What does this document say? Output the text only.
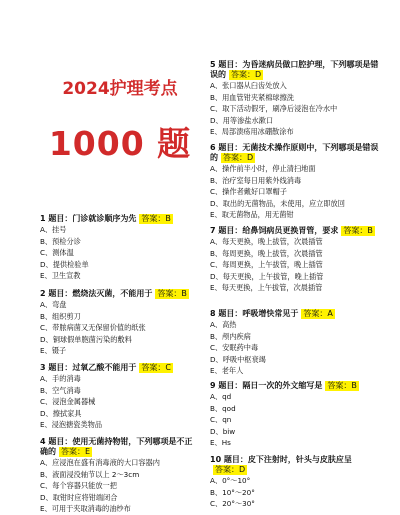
2024护理考点
1000 题
1 题目：门诊就诊顺序为先 答案：B
A、挂号
B、预检分诊
C、测体温
D、提供检验单
E、卫生宣教
2 题目：燃烧法灭菌，不能用于 答案：B
A、弯盘
B、组织剪刀
C、带脓病菌又无保留价值的纸张
D、铜球假单胞菌污染的敷料
E、镊子
3 题目：过氧乙酸不能用于 答案：C
A、手的消毒
B、空气消毒
C、浸泡金属器械
D、擦拭家具
E、浸泡搪瓷类物品
4 题目：使用无菌持物钳，下列哪项是不正确的 答案：E
A、应浸泡在盛有消毒液的大口容器内
B、液面浸没轴节以上 2～3cm
C、每个容器只能放一把
D、取钳时应将钳端闭合
E、可用于夹取消毒的油纱布
5 题目：为昏迷病员做口腔护理，下列哪项是错误的 答案：D
A、张口器从臼齿处放入
B、用血管钳夹紧棉球擦洗
C、取下活动假牙，刷净后浸泡在冷水中
D、用等渗盐水漱口
E、局部溃疡用冰硼散涂布
6 题目：无菌技术操作原则中，下列哪项是错误的 答案：D
A、操作前半小时，停止清扫地面
B、治疗室每日用紫外线消毒
C、操作者戴好口罩帽子
D、取出的无菌物品，未使用，应立即放回
E、取无菌物品，用无菌钳
7 题目：给鼻饲病员更换胃管，要求 答案：B
A、每天更换，晚上拔管，次晨插管
B、每周更换，晚上拔管，次晨插管
C、每周更换，上午拔管，晚上插管
D、每天更换，上午拔管，晚上插管
E、每天更换，上午拔管，次晨插管
8 题目：呼吸增快常见于 答案：A
A、高热
B、颅内疾病
C、安眠药中毒
D、呼吸中枢衰竭
E、老年人
9 题目：隔日一次的外文缩写是 答案：B
A、qd
B、qod
C、qn
D、biw
E、Hs
10 题目：皮下注射时，针头与皮肤应呈答案：D
A、0°～10°
B、10°～20°
C、20°～30°
